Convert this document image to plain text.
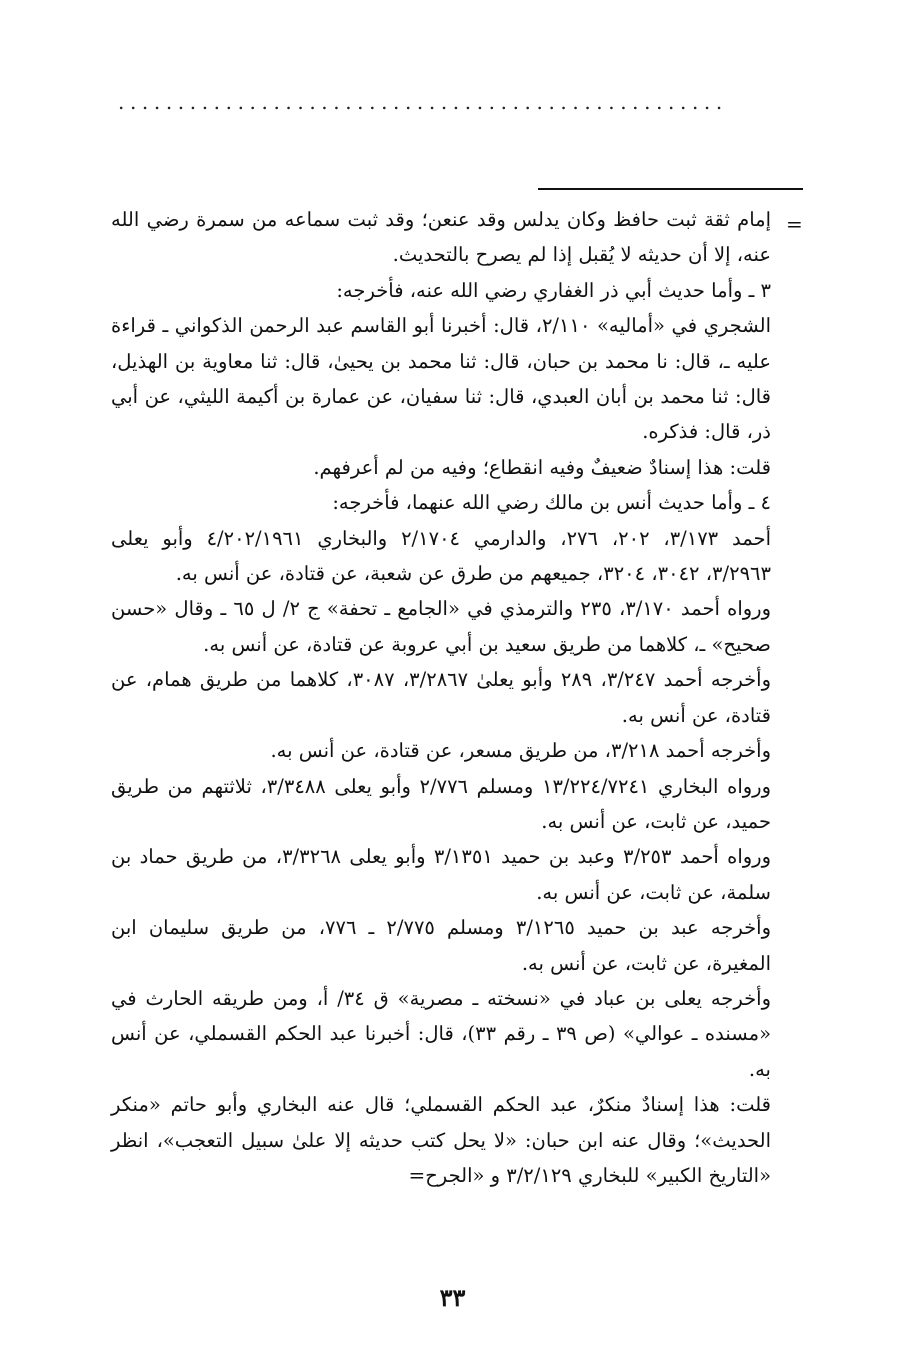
...................................................
=

إمام ثقة ثبت حافظ وكان يدلس وقد عنعن؛ وقد ثبت سماعه من سمرة رضي الله عنه، إلا أن حديثه لا يُقبل إذا لم يصرح بالتحديث.

٣ ـ وأما حديث أبي ذر الغفاري رضي الله عنه، فأخرجه:

الشجري في «أماليه» ٢/١١٠، قال: أخبرنا أبو القاسم عبد الرحمن الذكواني ـ قراءة عليه ـ، قال: نا محمد بن حبان، قال: ثنا محمد بن يحيىٰ، قال: ثنا معاوية بن الهذيل، قال: ثنا محمد بن أبان العبدي، قال: ثنا سفيان، عن عمارة بن أكيمة الليثي، عن أبي ذر، قال: فذكره.

قلت: هذا إسنادٌ ضعيفٌ وفيه انقطاع؛ وفيه من لم أعرفهم.

٤ ـ وأما حديث أنس بن مالك رضي الله عنهما، فأخرجه:

أحمد ٣/١٧٣، ٢٠٢، ٢٧٦، والدارمي ٢/١٧٠٤ والبخاري ٤/٢٠٢/١٩٦١ وأبو يعلى ٣/٢٩٦٣، ٣٠٤٢، ٣٢٠٤، جميعهم من طرق عن شعبة، عن قتادة، عن أنس به.

ورواه أحمد ٣/١٧٠، ٢٣٥ والترمذي في «الجامع ـ تحفة» ج ٢/ ل ٦٥ ـ وقال «حسن صحيح» ـ، كلاهما من طريق سعيد بن أبي عروبة عن قتادة، عن أنس به.

وأخرجه أحمد ٣/٢٤٧، ٢٨٩ وأبو يعلىٰ ٣/٢٨٦٧، ٣٠٨٧، كلاهما من طريق همام، عن قتادة، عن أنس به.

وأخرجه أحمد ٣/٢١٨، من طريق مسعر، عن قتادة، عن أنس به.

ورواه البخاري ١٣/٢٢٤/٧٢٤١ ومسلم ٢/٧٧٦ وأبو يعلى ٣/٣٤٨٨، ثلاثتهم من طريق حميد، عن ثابت، عن أنس به.

ورواه أحمد ٣/٢٥٣ وعبد بن حميد ٣/١٣٥١ وأبو يعلى ٣/٣٢٦٨، من طريق حماد بن سلمة، عن ثابت، عن أنس به.

وأخرجه عبد بن حميد ٣/١٢٦٥ ومسلم ٢/٧٧٥ ـ ٧٧٦، من طريق سليمان ابن المغيرة، عن ثابت، عن أنس به.

وأخرجه يعلى بن عباد في «نسخته ـ مصرية» ق ٣٤/ أ، ومن طريقه الحارث في «مسنده ـ عوالي» (ص ٣٩ ـ رقم ٣٣)، قال: أخبرنا عبد الحكم القسملي، عن أنس به.

قلت: هذا إسنادٌ منكرٌ، عبد الحكم القسملي؛ قال عنه البخاري وأبو حاتم «منكر الحديث»؛ وقال عنه ابن حبان: «لا يحل كتب حديثه إلا علىٰ سبيل التعجب»، انظر «التاريخ الكبير» للبخاري ٣/٢/١٢٩ و «الجرح=

٣٣
